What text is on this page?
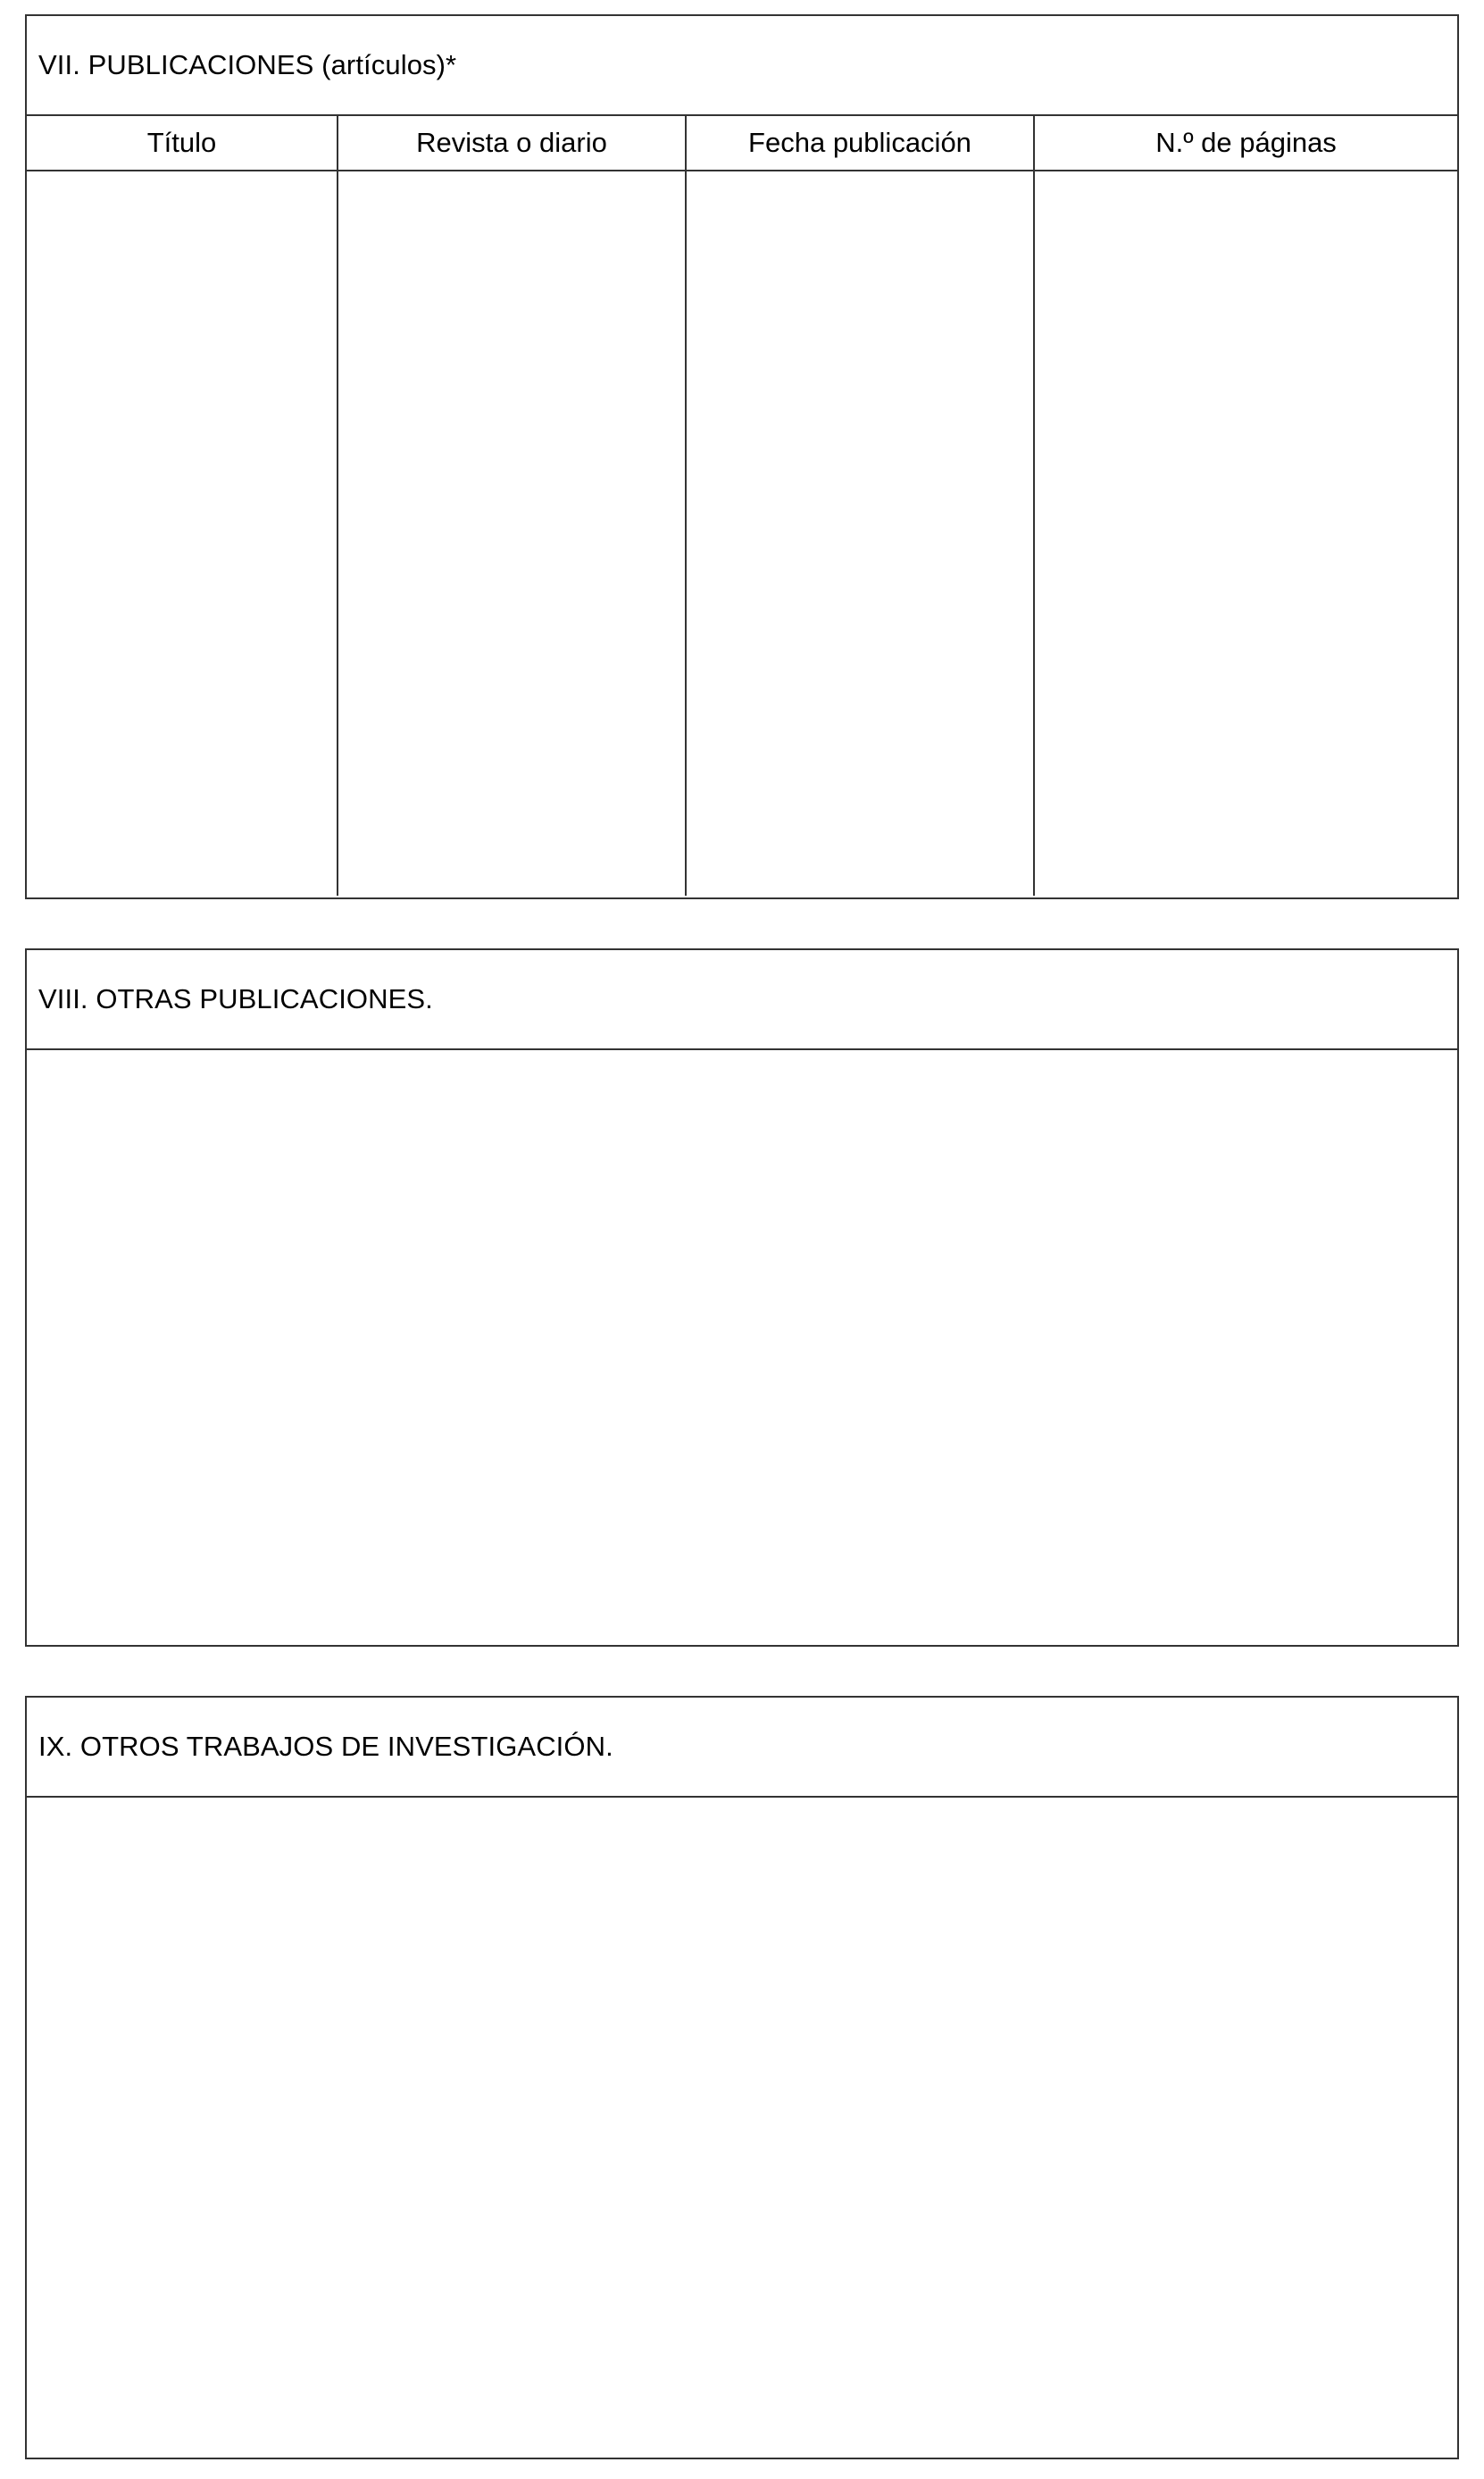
VII. PUBLICACIONES (artículos)*
Título	Revista o diario	Fecha publicación	N.º de páginas

VIII. OTRAS PUBLICACIONES.
IX. OTROS TRABAJOS DE INVESTIGACIÓN.
